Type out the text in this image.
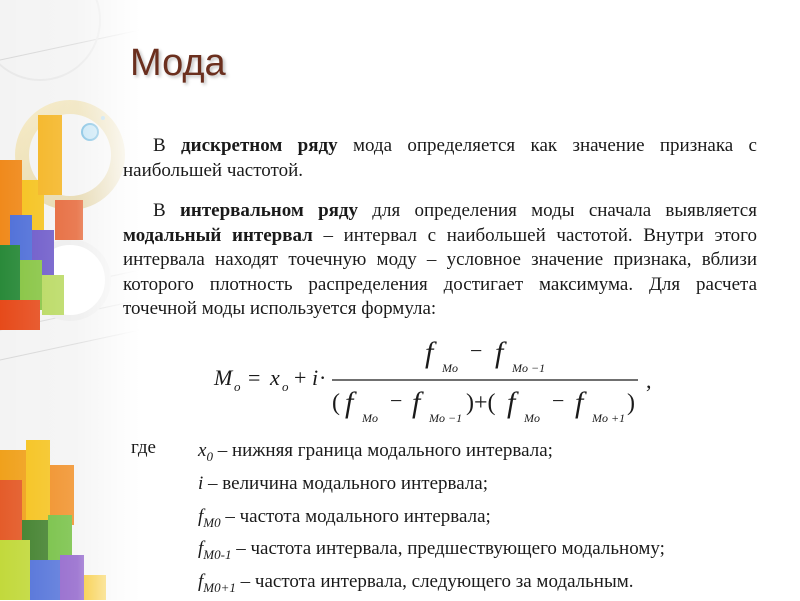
Мода

В дискретном ряду мода определяется как значение признака с наибольшей частотой.

В интервальном ряду для определения моды сначала выявляется модальный интервал – интервал с наибольшей частотой. Внутри этого интервала находят точечную моду – условное значение признака, вблизи которого плотность распределения достигает максимума. Для расчета точечной моды используется формула:

M o = x o + i ·
f Mo
− f Mo −1
( f Mo
− f Mo −1
)+( f Mo
− f Mo +1
)
,
где $x_0$ – нижняя граница модального интервала;
i – величина модального интервала;
$f_{M0}$ – частота модального интервала;
$f_{M0-1}$ – частота интервала, предшествующего модальному;
$f_{M0+1}$ – частота интервала, следующего за модальным.
